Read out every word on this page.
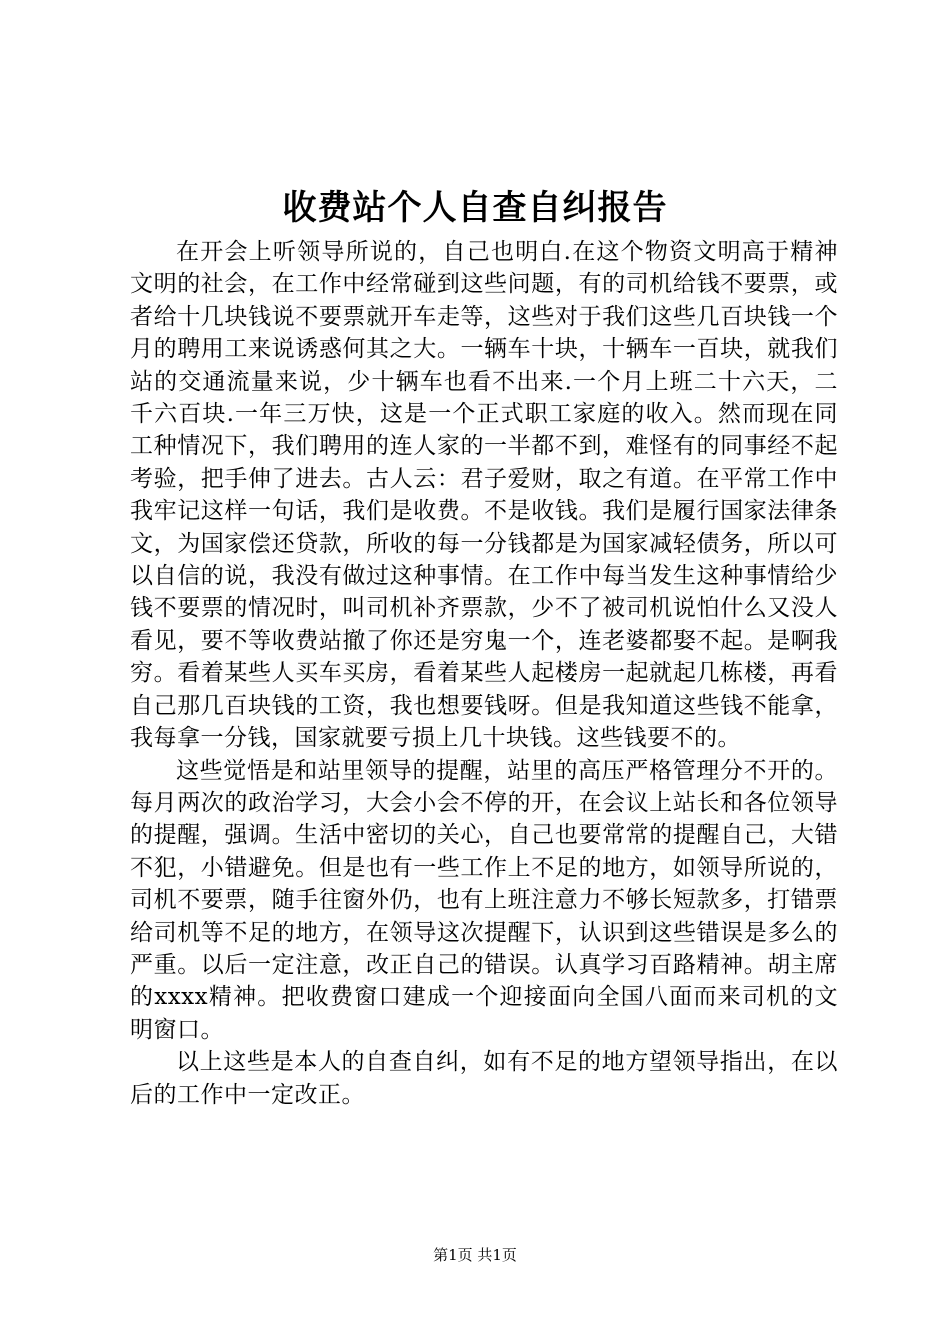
收费站个人自查自纠报告

在开会上听领导所说的，自己也明白.在这个物资文明高于精神文明的社会，在工作中经常碰到这些问题，有的司机给钱不要票，或者给十几块钱说不要票就开车走等，这些对于我们这些几百块钱一个月的聘用工来说诱惑何其之大。一辆车十块，十辆车一百块，就我们站的交通流量来说，少十辆车也看不出来.一个月上班二十六天，二千六百块.一年三万快，这是一个正式职工家庭的收入。然而现在同工种情况下，我们聘用的连人家的一半都不到，难怪有的同事经不起考验，把手伸了进去。古人云：君子爱财，取之有道。在平常工作中我牢记这样一句话，我们是收费。不是收钱。我们是履行国家法律条文，为国家偿还贷款，所收的每一分钱都是为国家减轻债务，所以可以自信的说，我没有做过这种事情。在工作中每当发生这种事情给少钱不要票的情况时，叫司机补齐票款，少不了被司机说怕什么又没人看见，要不等收费站撤了你还是穷鬼一个，连老婆都娶不起。是啊我穷。看着某些人买车买房，看着某些人起楼房一起就起几栋楼，再看自己那几百块钱的工资，我也想要钱呀。但是我知道这些钱不能拿，我每拿一分钱，国家就要亏损上几十块钱。这些钱要不的。

这些觉悟是和站里领导的提醒，站里的高压严格管理分不开的。每月两次的政治学习，大会小会不停的开，在会议上站长和各位领导的提醒，强调。生活中密切的关心，自己也要常常的提醒自己，大错不犯，小错避免。但是也有一些工作上不足的地方，如领导所说的，司机不要票，随手往窗外仍，也有上班注意力不够长短款多，打错票给司机等不足的地方，在领导这次提醒下，认识到这些错误是多么的严重。以后一定注意，改正自己的错误。认真学习百路精神。胡主席的xxxx精神。把收费窗口建成一个迎接面向全国八面而来司机的文明窗口。

以上这些是本人的自查自纠，如有不足的地方望领导指出，在以后的工作中一定改正。

第1页 共1页
